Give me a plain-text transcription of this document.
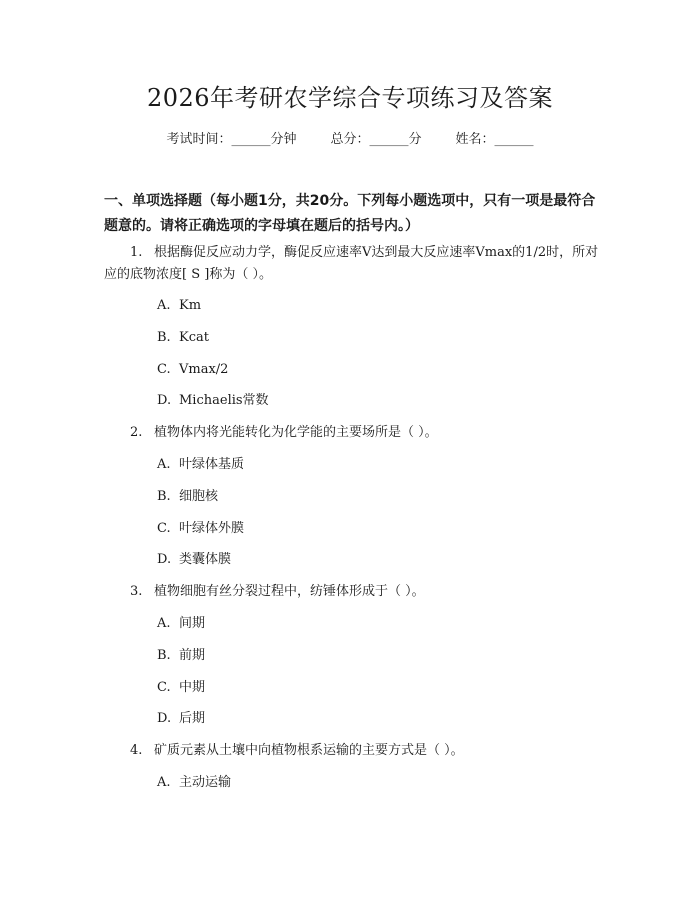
2026年考研农学综合专项练习及答案
考试时间：______分钟	总分：______分	姓名：______
一、单项选择题（每小题1分，共20分。下列每小题选项中，只有一项是最符合题意的。请将正确选项的字母填在题后的括号内。）
1. 根据酶促反应动力学，酶促反应速率V达到最大反应速率Vmax的1/2时，所对应的底物浓度[ S ]称为（ ）。
A. Km
B. Kcat
C. Vmax/2
D. Michaelis常数
2. 植物体内将光能转化为化学能的主要场所是（ ）。
A. 叶绿体基质
B. 细胞核
C. 叶绿体外膜
D. 类囊体膜
3. 植物细胞有丝分裂过程中，纺锤体形成于（ ）。
A. 间期
B. 前期
C. 中期
D. 后期
4. 矿质元素从土壤中向植物根系运输的主要方式是（ ）。
A. 主动运输
